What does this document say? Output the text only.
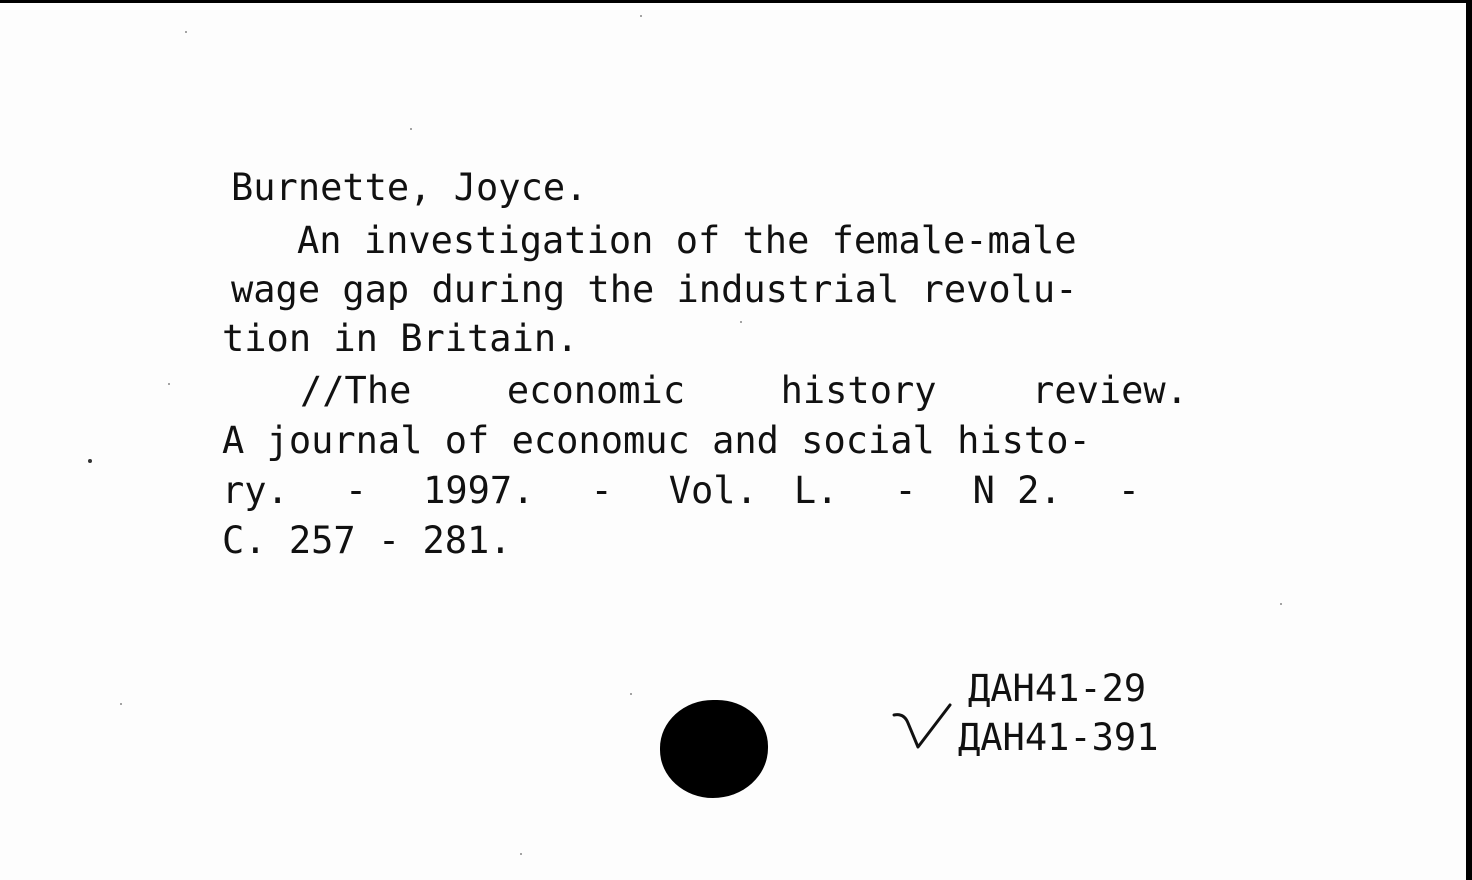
Burnette, Joyce.
An investigation of the female-male
wage gap during the industrial revolu-
tion in Britain.
//The	economic	history	review.
A journal of economuc and social histo-
ry. - 1997. - Vol. L. - N 2. -
C. 257 - 281.
ДАН41-29
ДАН41-391
